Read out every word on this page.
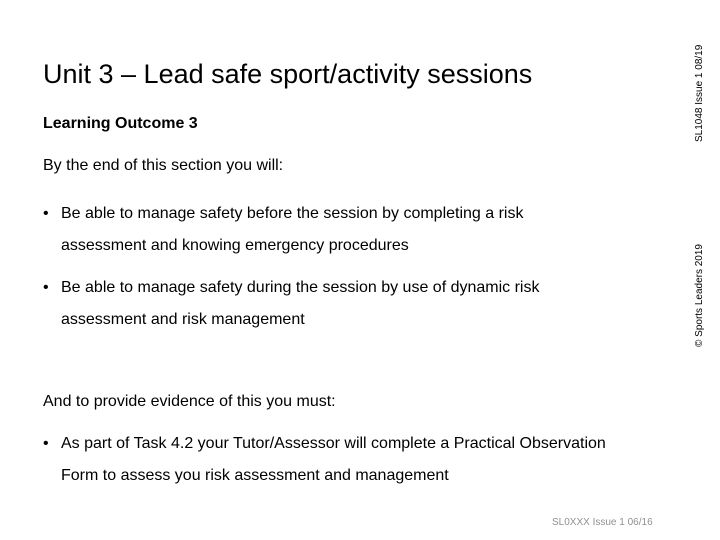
Unit 3 – Lead safe sport/activity sessions
Learning Outcome 3
By the end of this section you will:
• Be able to manage safety before the session by completing a risk
assessment and knowing emergency procedures
• Be able to manage safety during the session by use of dynamic risk
assessment and risk management
And to provide evidence of this you must:
• As part of Task 4.2 your Tutor/Assessor will complete a Practical Observation
Form to assess you risk assessment and management
SL0XXX Issue 1 06/16
SL1048 Issue 1 08/19
© Sports Leaders 2019
